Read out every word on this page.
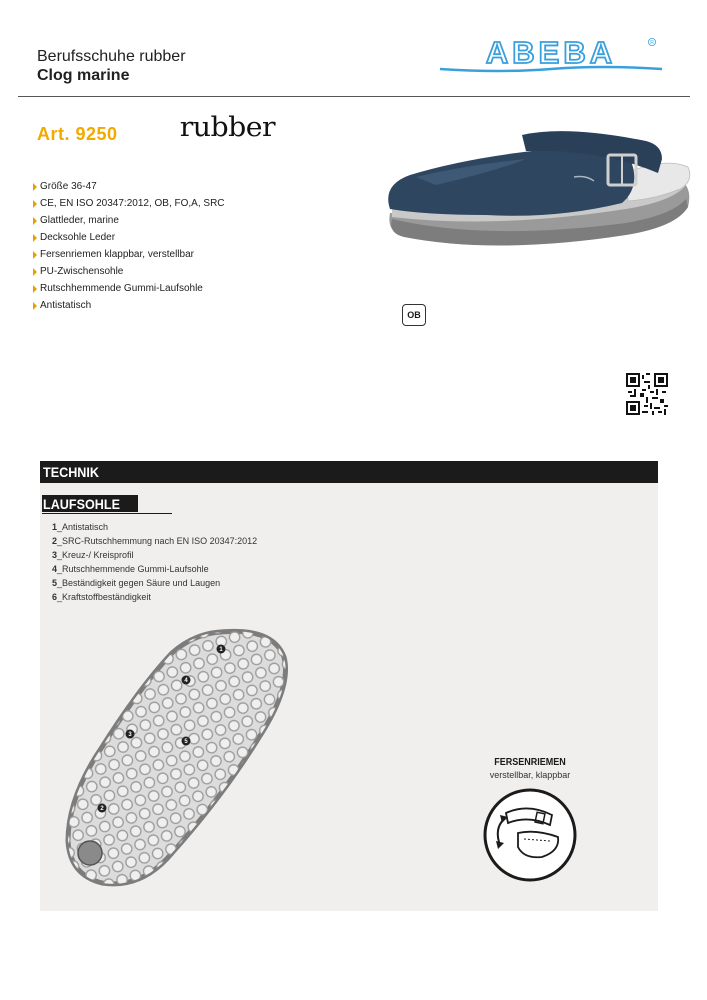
Berufsschuhe rubber
Clog marine
ABEBA	R
Art. 9250 rubber
Größe 36-47
CE, EN ISO 20347:2012, OB, FO,A, SRC
Glattleder, marine
Decksohle Leder
Fersenriemen klappbar, verstellbar
PU-Zwischensohle
Rutschhemmende Gummi-Laufsohle
Antistatisch
OB
TECHNIK
LAUFSOHLE
1_Antistatisch
2_SRC-Rutschhemmung nach EN ISO 20347:2012
3_Kreuz-/ Kreisprofil
4_Rutschhemmende Gummi-Laufsohle
5_Beständigkeit gegen Säure und Laugen
6_Kraftstoffbeständigkeit
1
4
3
5
2
FERSENRIEMEN
verstellbar, klappbar
